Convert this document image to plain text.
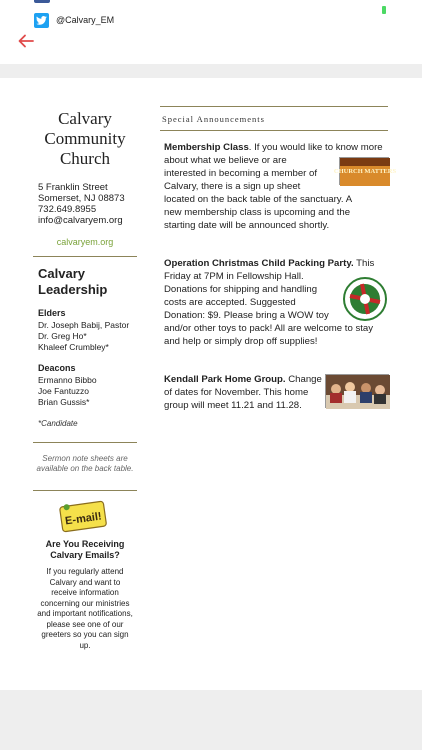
@Calvary_EM
Calvary
Community
Church
5 Franklin Street
Somerset, NJ 08873
732.649.8955
info@calvaryem.org
calvaryem.org
Calvary
Leadership
Elders
Dr. Joseph Babij, Pastor
Dr. Greg Ho*
Khaleef Crumbley*
Deacons
Ermanno Bibbo
Joe Fantuzzo
Brian Gussis*
*Candidate
Sermon note sheets are available on the back table.
E-mail!
Are You Receiving Calvary Emails?
If you regularly attend Calvary and want to receive information concerning our ministries and important notifications, please see one of our greeters so you can sign up.
Special Announcements
Membership Class. If you would like to know more
about what we believe or are
interested in becoming a member of
Calvary, there is a sign up sheet
located on the back table of the sanctuary. A
new membership class is upcoming and the
starting date will be announced shortly.
CHURCH MATTERS
Operation Christmas Child Packing Party. This
Friday at 7PM in Fellowship Hall.
Donations for shipping and handling
costs are accepted. Suggested
Donation: $9. Please bring a WOW toy
and/or other toys to pack! All are welcome to stay
and help or simply drop off supplies!
Kendall Park Home Group. Change
of dates for November. This home
group will meet 11.21 and 11.28.
